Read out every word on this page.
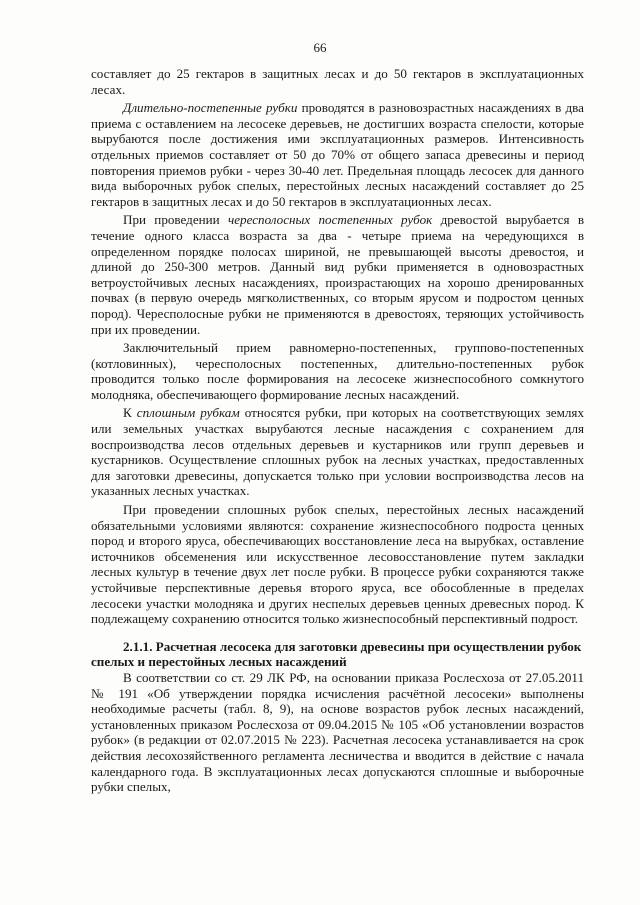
66

составляет до 25 гектаров в защитных лесах и до 50 гектаров в эксплуатационных лесах.

Длительно-постепенные рубки проводятся в разновозрастных насаждениях в два приема с оставлением на лесосеке деревьев, не достигших возраста спелости, которые вырубаются после достижения ими эксплуатационных размеров. Интенсивность отдельных приемов составляет от 50 до 70% от общего запаса древесины и период повторения приемов рубки - через 30-40 лет. Предельная площадь лесосек для данного вида выборочных рубок спелых, перестойных лесных насаждений составляет до 25 гектаров в защитных лесах и до 50 гектаров в эксплуатационных лесах.

При проведении чересполосных постепенных рубок древостой вырубается в течение одного класса возраста за два - четыре приема на чередующихся в определенном порядке полосах шириной, не превышающей высоты древостоя, и длиной до 250-300 метров. Данный вид рубки применяется в одновозрастных ветроустойчивых лесных насаждениях, произрастающих на хорошо дренированных почвах (в первую очередь мягколиственных, со вторым ярусом и подростом ценных пород). Чересполосные рубки не применяются в древостоях, теряющих устойчивость при их проведении.

Заключительный прием равномерно-постепенных, группово-постепенных (котловинных), чересполосных постепенных, длительно-постепенных рубок проводится только после формирования на лесосеке жизнеспособного сомкнутого молодняка, обеспечивающего формирование лесных насаждений.

К сплошным рубкам относятся рубки, при которых на соответствующих землях или земельных участках вырубаются лесные насаждения с сохранением для воспроизводства лесов отдельных деревьев и кустарников или групп деревьев и кустарников. Осуществление сплошных рубок на лесных участках, предоставленных для заготовки древесины, допускается только при условии воспроизводства лесов на указанных лесных участках.

При проведении сплошных рубок спелых, перестойных лесных насаждений обязательными условиями являются: сохранение жизнеспособного подроста ценных пород и второго яруса, обеспечивающих восстановление леса на вырубках, оставление источников обсеменения или искусственное лесовосстановление путем закладки лесных культур в течение двух лет после рубки. В процессе рубки сохраняются также устойчивые перспективные деревья второго яруса, все обособленные в пределах лесосеки участки молодняка и других неспелых деревьев ценных древесных пород. К подлежащему сохранению относится только жизнеспособный перспективный подрост.

2.1.1. Расчетная лесосека для заготовки древесины при осуществлении рубок спелых и перестойных лесных насаждений

В соответствии со ст. 29 ЛК РФ, на основании приказа Рослесхоза от 27.05.2011 № 191 «Об утверждении порядка исчисления расчётной лесосеки» выполнены необходимые расчеты (табл. 8, 9), на основе возрастов рубок лесных насаждений, установленных приказом Рослесхоза от 09.04.2015 № 105 «Об установлении возрастов рубок» (в редакции от 02.07.2015 № 223). Расчетная лесосека устанавливается на срок действия лесохозяйственного регламента лесничества и вводится в действие с начала календарного года. В эксплуатационных лесах допускаются сплошные и выборочные рубки спелых,
